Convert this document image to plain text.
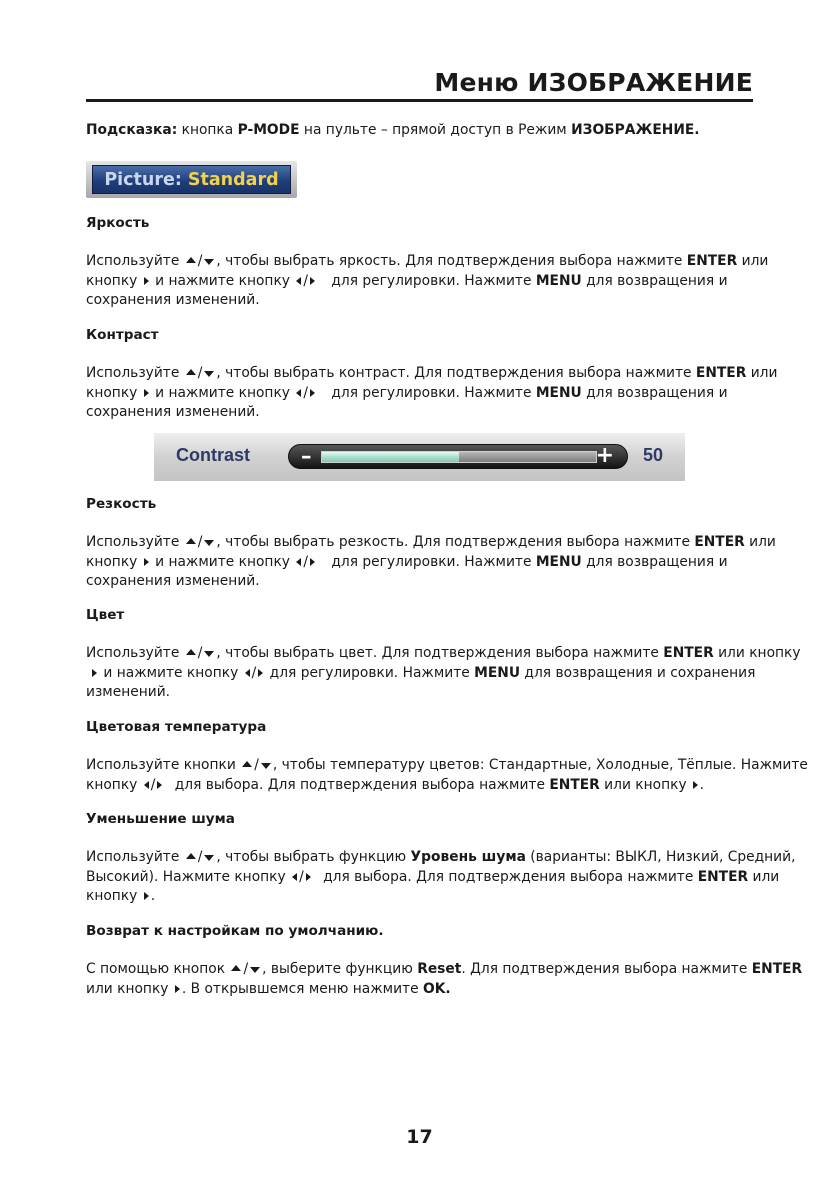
Меню ИЗОБРАЖЕНИЕ

Подсказка: кнопка P-MODE на пульте – прямой доступ в Режим ИЗОБРАЖЕНИЕ.

Picture: Standard
Яркость

Используйте / , чтобы выбрать яркость. Для подтверждения выбора нажмите ENTER или

кнопку  и нажмите кнопку / для регулировки. Нажмите MENU для возвращения и

сохранения изменений.

Контраст

Используйте / , чтобы выбрать контраст. Для подтверждения выбора нажмите ENTER или

кнопку  и нажмите кнопку / для регулировки. Нажмите MENU для возвращения и

сохранения изменений.

Contrast –	+ 50
Резкость

Используйте / , чтобы выбрать резкость. Для подтверждения выбора нажмите ENTER или

кнопку  и нажмите кнопку / для регулировки. Нажмите MENU для возвращения и

сохранения изменений.

Цвет

Используйте / , чтобы выбрать цвет. Для подтверждения выбора нажмите ENTER или кнопку

и нажмите кнопку / для регулировки. Нажмите MENU для возвращения и сохранения

изменений.

Цветовая температура

Используйте кнопки / , чтобы температуру цветов: Стандартные, Холодные, Тёплые. Нажмите

кнопку / для выбора. Для подтверждения выбора нажмите ENTER или кнопку .

Уменьшение шума

Используйте / , чтобы выбрать функцию Уровень шума (варианты: ВЫКЛ, Низкий, Средний,

Высокий). Нажмите кнопку / для выбора. Для подтверждения выбора нажмите ENTER или

кнопку .

Возврат к настройкам по умолчанию.

С помощью кнопок / , выберите функцию Reset. Для подтверждения выбора нажмите ENTER

или кнопку . В открывшемся меню нажмите OK.

17
